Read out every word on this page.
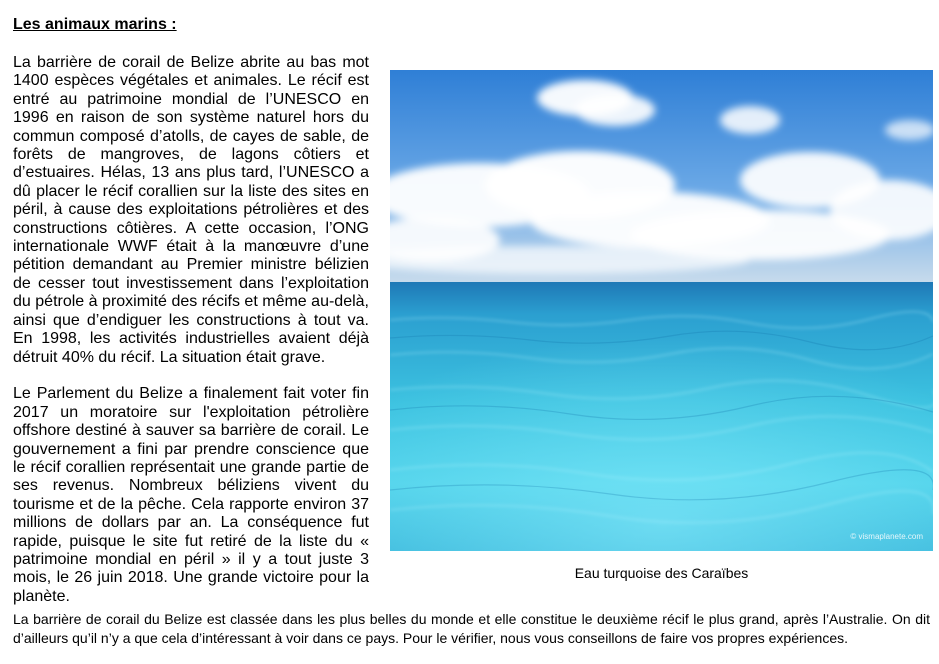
Les animaux marins :

La barrière de corail de Belize abrite au bas mot 1400 espèces végétales et animales. Le récif est entré au patrimoine mondial de l’UNESCO en 1996 en raison de son système naturel hors du commun composé d’atolls, de cayes de sable, de forêts de mangroves, de lagons côtiers et d’estuaires. Hélas, 13 ans plus tard, l’UNESCO a dû placer le récif corallien sur la liste des sites en péril, à cause des exploitations pétrolières et des constructions côtières. A cette occasion, l’ONG internationale WWF était à la manœuvre d’une pétition demandant au Premier ministre bélizien de cesser tout investissement dans l’exploitation du pétrole à proximité des récifs et même au-delà, ainsi que d’endiguer les constructions à tout va. En 1998, les activités industrielles avaient déjà détruit 40% du récif. La situation était grave.

Le Parlement du Belize a finalement fait voter fin 2017 un moratoire sur l'exploitation pétrolière offshore destiné à sauver sa barrière de corail. Le gouvernement a fini par prendre conscience que le récif corallien représentait une grande partie de ses revenus. Nombreux béliziens vivent du tourisme et de la pêche. Cela rapporte environ 37 millions de dollars par an. La conséquence fut rapide, puisque le site fut retiré de la liste du « patrimoine mondial en péril » il y a tout juste 3 mois, le 26 juin 2018. Une grande victoire pour la planète.

© vismaplanete.com
Eau turquoise des Caraïbes
La barrière de corail du Belize est classée dans les plus belles du monde et elle constitue le deuxième récif le plus grand, après l’Australie. On dit d’ailleurs qu’il n’y a que cela d’intéressant à voir dans ce pays. Pour le vérifier, nous vous conseillons de faire vos propres expériences.
